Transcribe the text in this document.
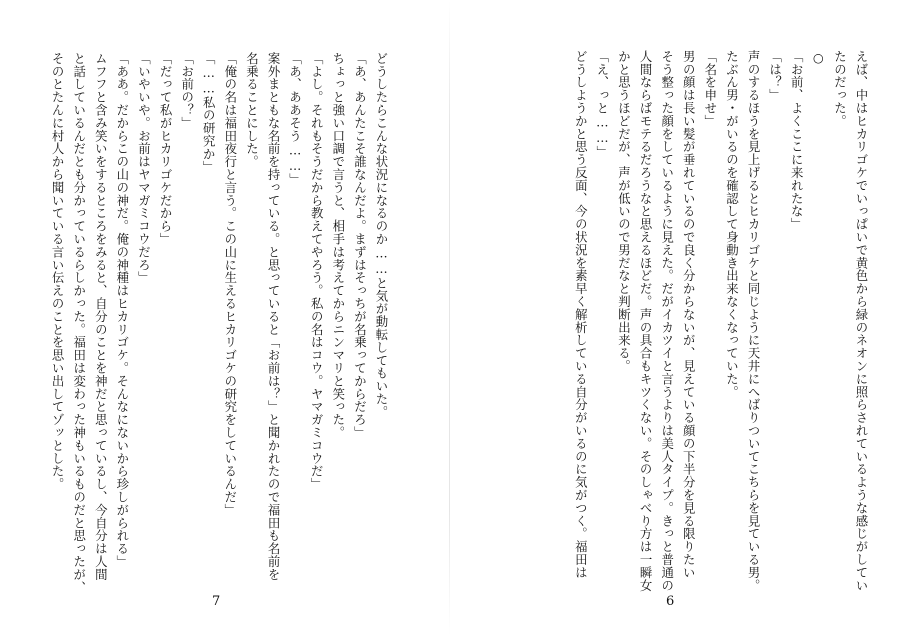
どうしたらこんな状況になるのか……と気が動転してもいた。

「あ、あんたこそ誰なんだよ。まずはそっちが名乗ってからだろ」

ちょっと強い口調で言うと、相手は考えてからニンマリと笑った。

「よし。それもそうだから教えてやろう。私の名はコウ。ヤマガミコウだ」

「あ、ああそう……」

案外まともな名前を持っている。と思っていると「お前は？」と聞かれたので福田も名前を

名乗ることにした。

「俺の名は福田夜行と言う。この山に生えるヒカリゴケの研究をしているんだ」

「……私の研究か」

「お前の？」

「だって私がヒカリゴケだから」

「いやいや。お前はヤマガミコウだろ」

「ああ。だからこの山の神だ。俺の神種はヒカリゴケ。そんなにないから珍しがられる」

ムフフと含み笑いをするところをみると、自分のことを神だと思っているし、今自分は人間

と話しているんだとも分かっているらしかった。福田は変わった神もいるものだと思ったが、

そのとたんに村人から聞いている言い伝えのことを思い出してゾッとした。

7

えば、中はヒカリゴケでいっぱいで黄色から緑のネオンに照らされているような感じがしてい

たのだった。

○

「お前、よくここに来れたな」

「は？」

声のするほうを見上げるとヒカリゴケと同じように天井にへばりついてこちらを見ている男。

たぶん男・がいるのを確認して身動き出来なくなっていた。

「名を申せ」

男の顔は長い髪が垂れているので良く分からないが、見えている顔の下半分を見る限りたい

そう整った顔をしているように見えた。だがイカツイと言うよりは美人タイプ。きっと普通の

人間ならばモテるだろうなと思えるほどだ。声の具合もキツくない。そのしゃべり方は一瞬女

かと思うほどだが、声が低いので男だなと判断出来る。

「え、っと……」

どうしようかと思う反面、今の状況を素早く解析している自分がいるのに気がつく。福田は

6
